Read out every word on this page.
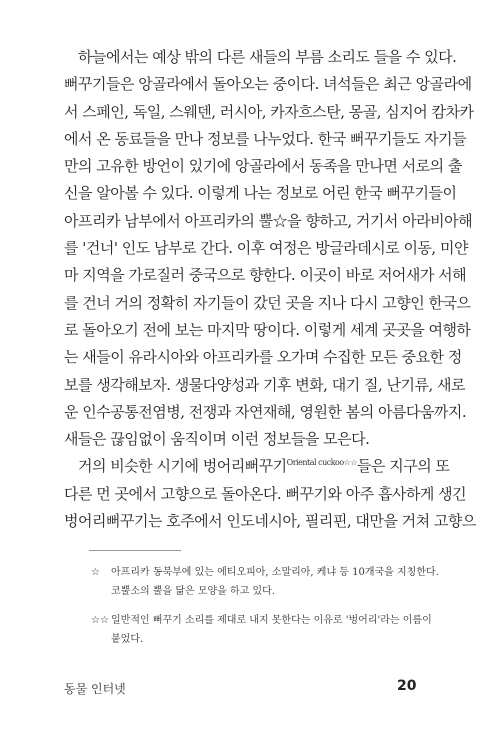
하늘에서는 예상 밖의 다른 새들의 부름 소리도 들을 수 있다.
뻐꾸기들은 앙골라에서 돌아오는 중이다. 녀석들은 최근 앙골라에
서 스페인, 독일, 스웨덴, 러시아, 카자흐스탄, 몽골, 심지어 캄차카
에서 온 동료들을 만나 정보를 나누었다. 한국 뻐꾸기들도 자기들
만의 고유한 방언이 있기에 앙골라에서 동족을 만나면 서로의 출
신을 알아볼 수 있다. 이렇게 나는 정보로 어린 한국 뻐꾸기들이
아프리카 남부에서 아프리카의 뿔☆을 향하고, 거기서 아라비아해
를 '건너' 인도 남부로 간다. 이후 여정은 방글라데시로 이동, 미얀
마 지역을 가로질러 중국으로 향한다. 이곳이 바로 저어새가 서해
를 건너 거의 정확히 자기들이 갔던 곳을 지나 다시 고향인 한국으
로 돌아오기 전에 보는 마지막 땅이다. 이렇게 세계 곳곳을 여행하
는 새들이 유라시아와 아프리카를 오가며 수집한 모든 중요한 정
보를 생각해보자. 생물다양성과 기후 변화, 대기 질, 난기류, 새로
운 인수공통전염병, 전쟁과 자연재해, 영원한 봄의 아름다움까지.
새들은 끊임없이 움직이며 이런 정보들을 모은다.
거의 비슷한 시기에 벙어리뻐꾸기$^{Oriental cuckoo☆☆}$ 들은 지구의 또
다른 먼 곳에서 고향으로 돌아온다. 뻐꾸기와 아주 흡사하게 생긴
벙어리뻐꾸기는 호주에서 인도네시아, 필리핀, 대만을 거쳐 고향으
☆	아프리카 동북부에 있는 에티오피아, 소말리아, 케냐 등 10개국을 지칭한다. 코뿔소의 뿔을 닮은 모양을 하고 있다.
☆☆ 일반적인 뻐꾸기 소리를 제대로 내지 못한다는 이유로 '벙어리'라는 이름이 붙었다.
동물 인터넷	20
